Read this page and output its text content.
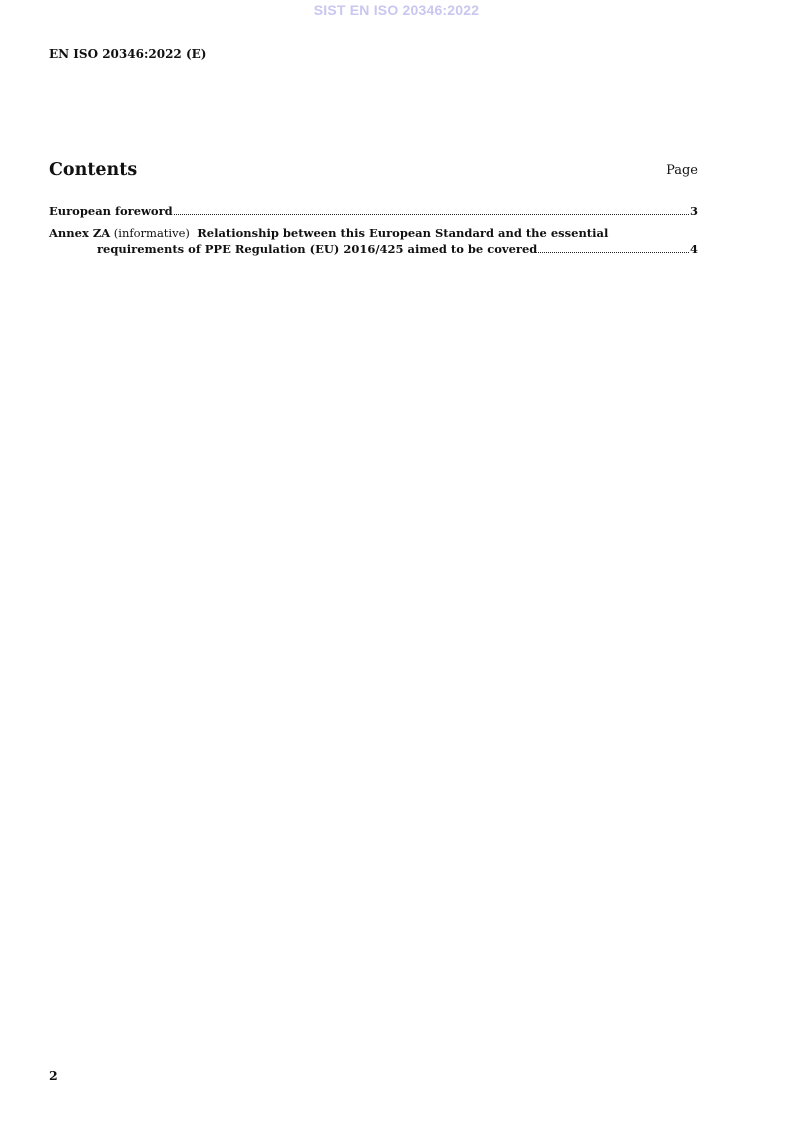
SIST EN ISO 20346:2022
EN ISO 20346:2022 (E)
Contents	Page
European foreword	3
Annex ZA
(informative)
Relationship between this European Standard and the essential
requirements of PPE Regulation (EU) 2016/425 aimed to be covered	4
2
